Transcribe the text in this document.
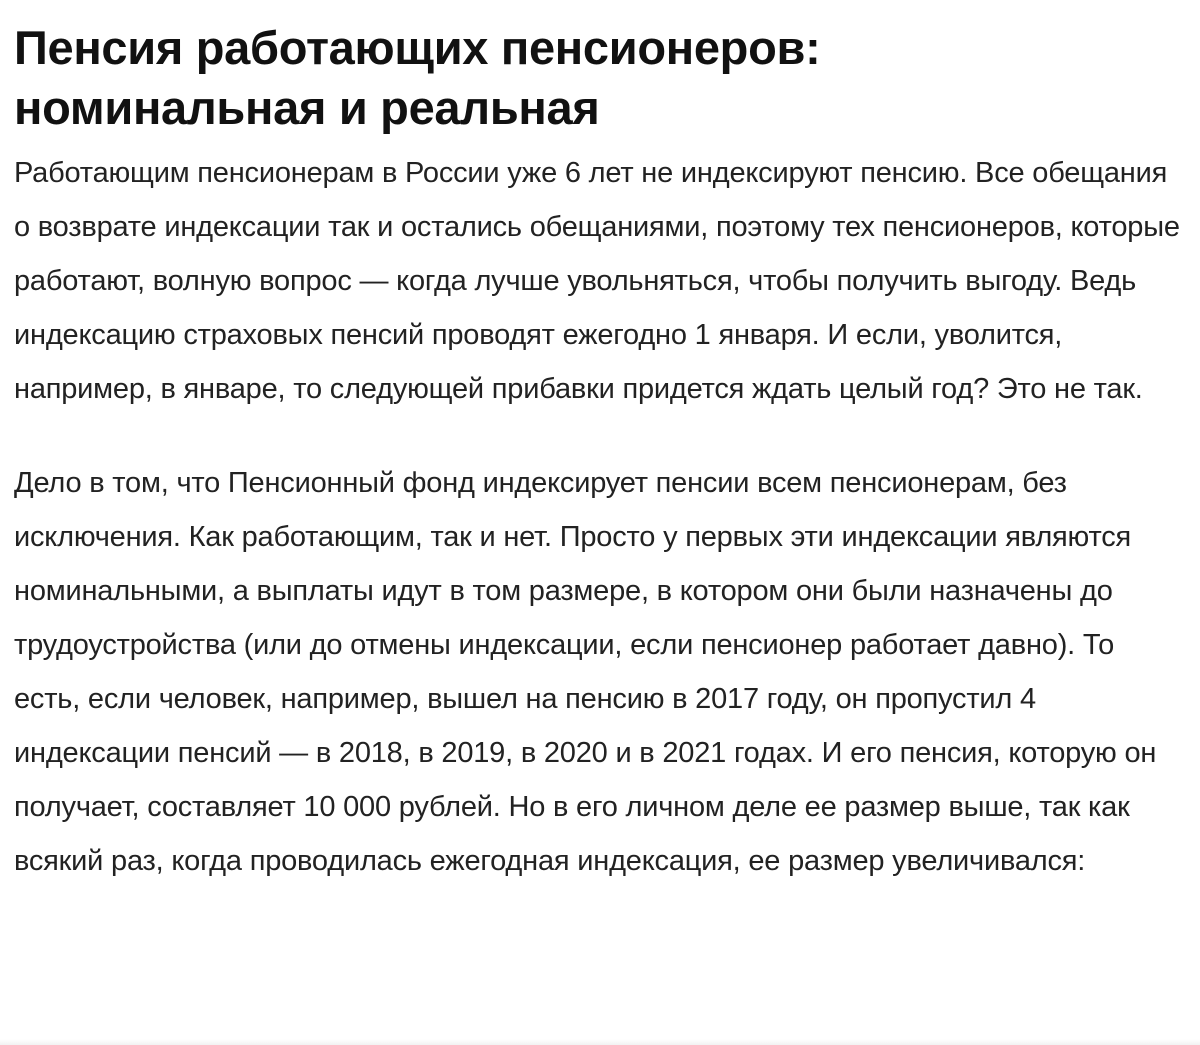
Пенсия работающих пенсионеров: номинальная и реальная

Работающим пенсионерам в России уже 6 лет не индексируют пенсию. Все обещания о возврате индексации так и остались обещаниями, поэтому тех пенсионеров, которые работают, волную вопрос — когда лучше увольняться, чтобы получить выгоду. Ведь индексацию страховых пенсий проводят ежегодно 1 января. И если, уволится, например, в январе, то следующей прибавки придется ждать целый год? Это не так.

Дело в том, что Пенсионный фонд индексирует пенсии всем пенсионерам, без исключения. Как работающим, так и нет. Просто у первых эти индексации являются номинальными, а выплаты идут в том размере, в котором они были назначены до трудоустройства (или до отмены индексации, если пенсионер работает давно). То есть, если человек, например, вышел на пенсию в 2017 году, он пропустил 4 индексации пенсий — в 2018, в 2019, в 2020 и в 2021 годах. И его пенсия, которую он получает, составляет 10 000 рублей. Но в его личном деле ее размер выше, так как всякий раз, когда проводилась ежегодная индексация, ее размер увеличивался:
